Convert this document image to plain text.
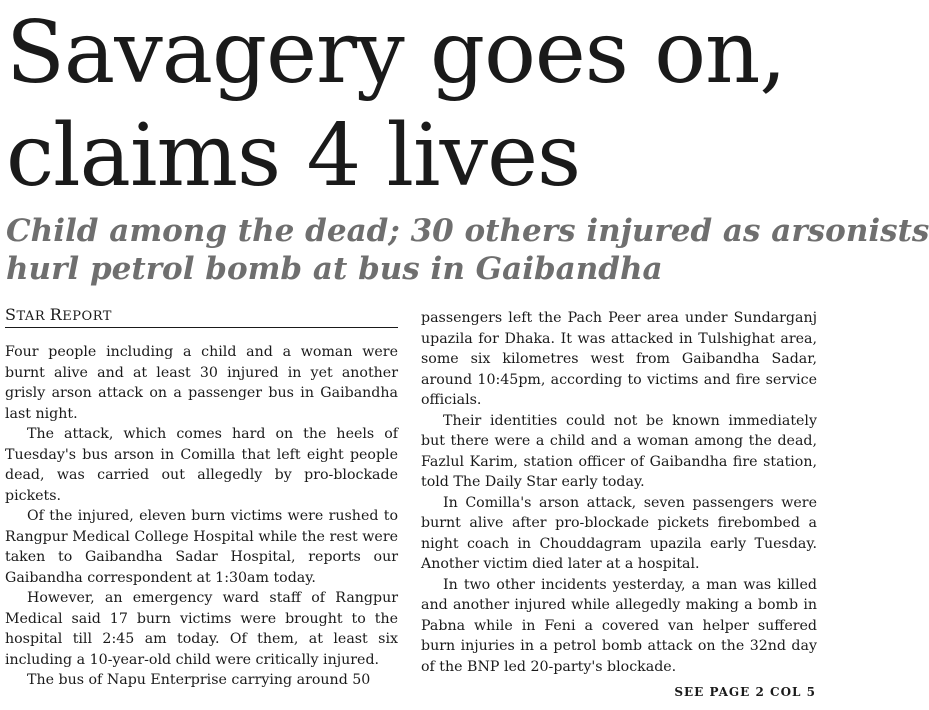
Savagery goes on,
claims 4 lives
Child among the dead; 30 others injured as arsonists
hurl petrol bomb at bus in Gaibandha
STAR REPORT

Four people including a child and a woman were burnt alive and at least 30 injured in yet another grisly arson attack on a passenger bus in Gaibandha last night.

The attack, which comes hard on the heels of Tuesday's bus arson in Comilla that left eight people dead, was carried out allegedly by pro-blockade pickets.

Of the injured, eleven burn victims were rushed to Rangpur Medical College Hospital while the rest were taken to Gaibandha Sadar Hospital, reports our Gaibandha correspondent at 1:30am today.

However, an emergency ward staff of Rangpur Medical said 17 burn victims were brought to the hospital till 2:45 am today. Of them, at least six including a 10-year-old child were critically injured.

The bus of Napu Enterprise carrying around 50

passengers left the Pach Peer area under Sundarganj upazila for Dhaka. It was attacked in Tulshighat area, some six kilometres west from Gaibandha Sadar, around 10:45pm, according to victims and fire service officials.

Their identities could not be known immediately but there were a child and a woman among the dead, Fazlul Karim, station officer of Gaibandha fire station, told The Daily Star early today.

In Comilla's arson attack, seven passengers were burnt alive after pro-blockade pickets firebombed a night coach in Chouddagram upazila early Tuesday. Another victim died later at a hospital.

In two other incidents yesterday, a man was killed and another injured while allegedly making a bomb in Pabna while in Feni a covered van helper suffered burn injuries in a petrol bomb attack on the 32nd day of the BNP led 20-party's blockade.

SEE PAGE 2 COL 5
